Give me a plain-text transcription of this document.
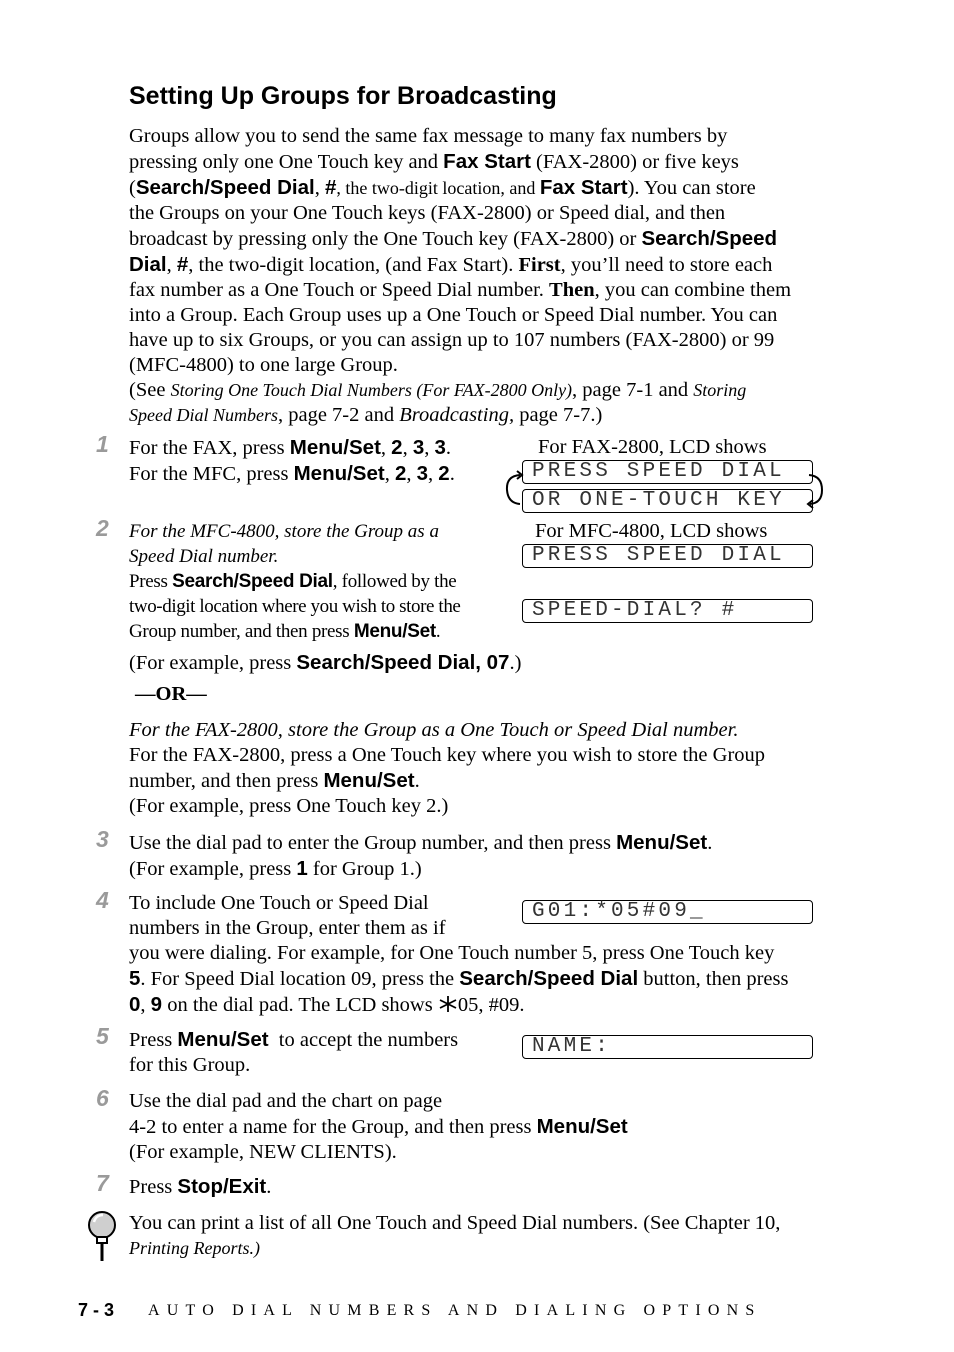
Setting Up Groups for Broadcasting
Groups allow you to send the same fax message to many fax numbers by
pressing only one One Touch key and Fax Start (FAX-2800) or five keys
(Search/Speed Dial, #, the two-digit location, and Fax Start). You can store
the Groups on your One Touch keys (FAX-2800) or Speed dial, and then
broadcast by pressing only the One Touch key (FAX-2800) or Search/Speed
Dial, #, the two-digit location, (and Fax Start). First, you’ll need to store each
fax number as a One Touch or Speed Dial number. Then, you can combine them
into a Group. Each Group uses up a One Touch or Speed Dial number. You can
have up to six Groups, or you can assign up to 107 numbers (FAX-2800) or 99
(MFC-4800) to one large Group.
(See Storing One Touch Dial Numbers (For FAX-2800 Only), page 7-1 and Storing
Speed Dial Numbers, page 7-2 and Broadcasting, page 7-7.)
1
2
3
4
5
6
7
For the FAX, press Menu/Set, 2, 3, 3.
For the MFC, press Menu/Set, 2, 3, 2.
For FAX-2800, LCD shows
PRESS SPEED DIAL
OR ONE-TOUCH KEY
For MFC-4800, LCD shows
PRESS SPEED DIAL
SPEED-DIAL? #
For the MFC-4800, store the Group as a
Speed Dial number.
Press Search/Speed Dial, followed by the
two-digit location where you wish to store the
Group number, and then press Menu/Set.
(For example, press Search/Speed Dial, 07.)
—OR—
For the FAX-2800, store the Group as a One Touch or Speed Dial number.
For the FAX-2800, press a One Touch key where you wish to store the Group
number, and then press Menu/Set.
(For example, press One Touch key 2.)
Use the dial pad to enter the Group number, and then press Menu/Set.
(For example, press 1 for Group 1.)
G01:*05#09_
To include One Touch or Speed Dial
numbers in the Group, enter them as if
you were dialing. For example, for One Touch number 5, press One Touch key
5. For Speed Dial location 09, press the Search/Speed Dial button, then press
0, 9 on the dial pad. The LCD shows 05, #09.
NAME:
Press Menu/Set  to accept the numbers
for this Group.
Use the dial pad and the chart on page
4-2 to enter a name for the Group, and then press Menu/Set
(For example, NEW CLIENTS).
Press Stop/Exit.
You can print a list of all One Touch and Speed Dial numbers. (See Chapter 10,
Printing Reports.)
7 - 3 AUTO DIAL NUMBERS AND DIALING OPTIONS
